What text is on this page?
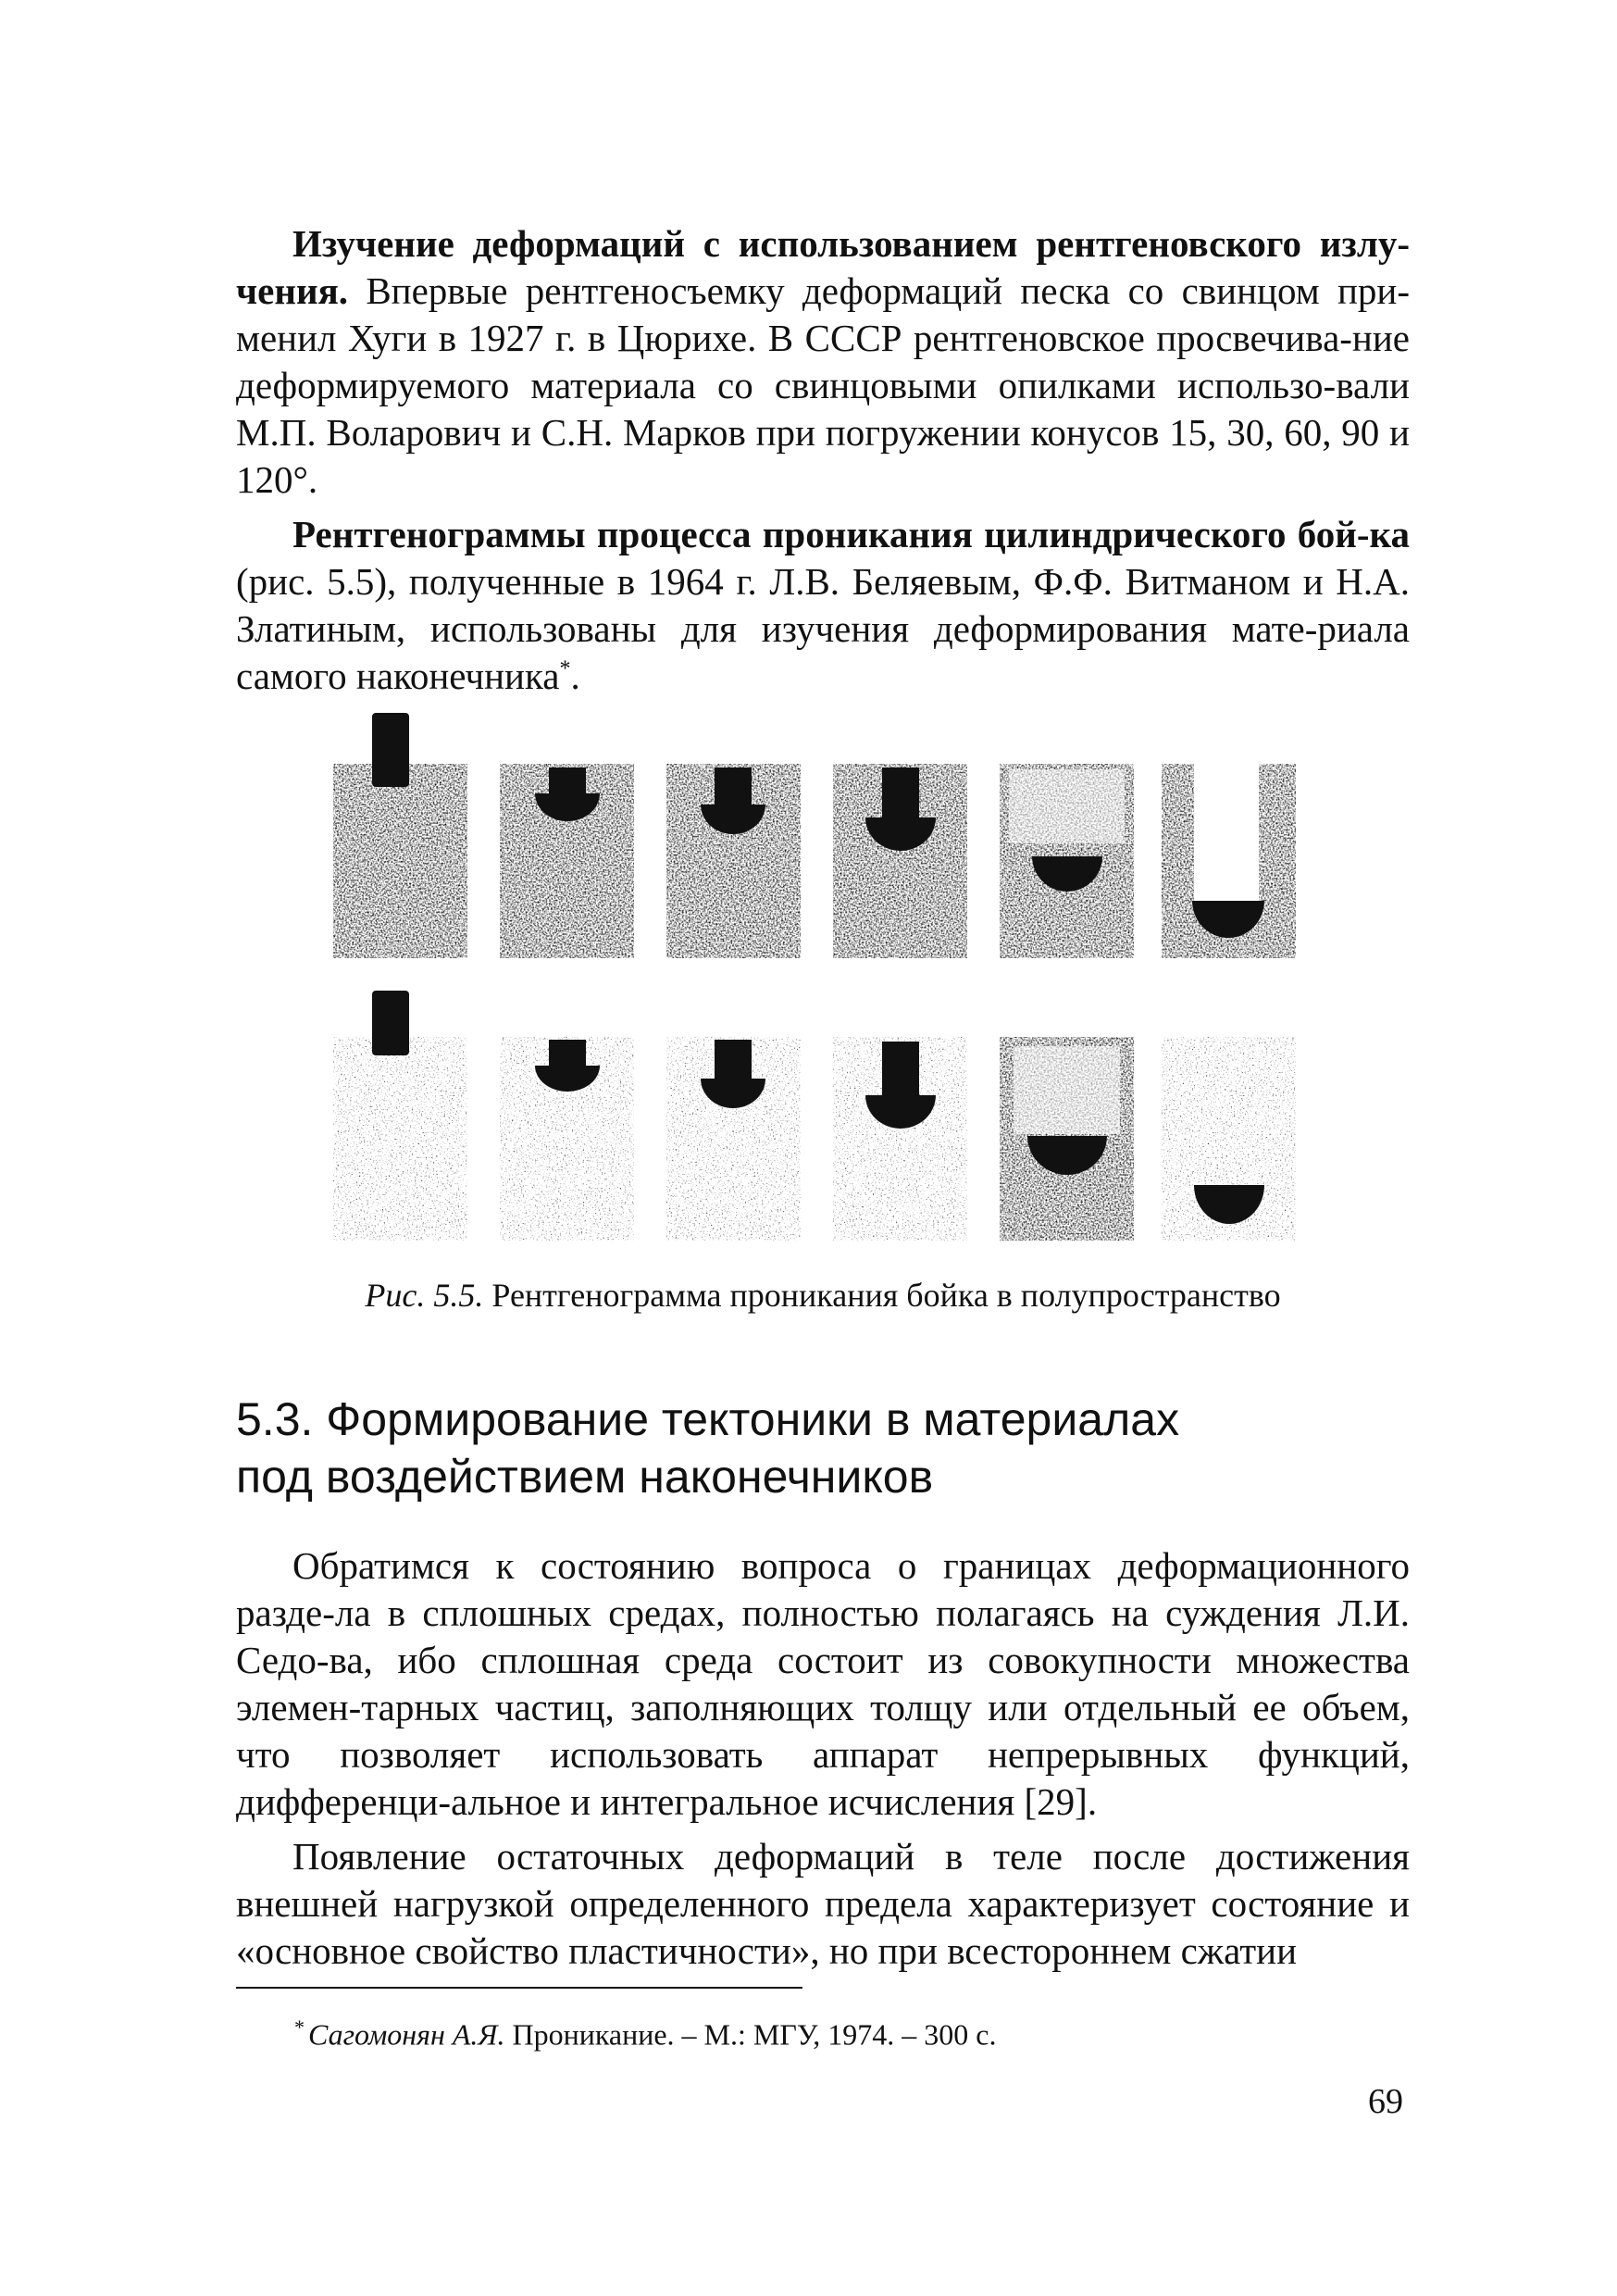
Изучение деформаций с использованием рентгеновского излу-чения. Впервые рентгеносъемку деформаций песка со свинцом при-менил Хуги в 1927 г. в Цюрихе. В СССР рентгеновское просвечива-ние деформируемого материала со свинцовыми опилками использо-вали М.П. Воларович и С.Н. Марков при погружении конусов 15, 30, 60, 90 и 120°.

Рентгенограммы процесса проникания цилиндрического бой-ка (рис. 5.5), полученные в 1964 г. Л.В. Беляевым, Ф.Ф. Витманом и Н.А. Златиным, использованы для изучения деформирования мате-риала самого наконечника*.

Рис. 5.5. Рентгенограмма проникания бойка в полупространство
5.3. Формирование тектоники в материалах
под воздействием наконечников

Обратимся к состоянию вопроса о границах деформационного разде-ла в сплошных средах, полностью полагаясь на суждения Л.И. Седо-ва, ибо сплошная среда состоит из совокупности множества элемен-тарных частиц, заполняющих толщу или отдельный ее объем, что позволяет использовать аппарат непрерывных функций, дифференци-альное и интегральное исчисления [29].

Появление остаточных деформаций в теле после достижения внешней нагрузкой определенного предела характеризует состояние и «основное свойство пластичности», но при всестороннем сжатии

* Сагомонян А.Я. Проникание. – М.: МГУ, 1974. – 300 с.
69
